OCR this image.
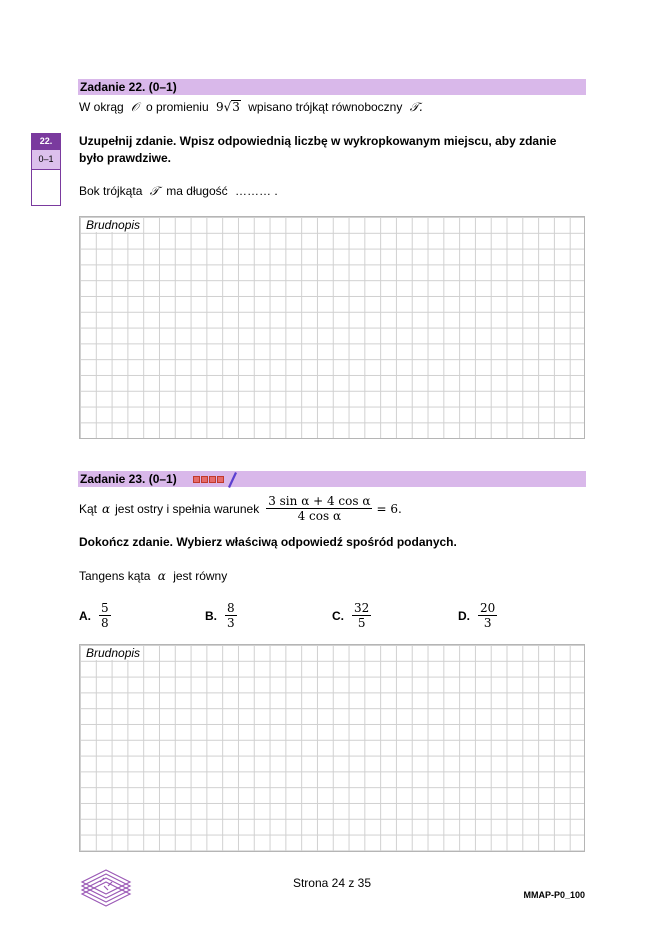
Zadanie 22. (0–1)
W okrąg 𝒪 o promieniu 9√3 wpisano trójkąt równoboczny 𝒯.
22.
0–1
Uzupełnij zdanie. Wpisz odpowiednią liczbę w wykropkowanym miejscu, aby zdanie
było prawdziwe.
Bok trójkąta 𝒯 ma długość ……… .
Brudnopis
Zadanie 23. (0–1)
Kąt α jest ostry i spełnia warunek $\frac{\text{3 sin α + 4 cos α}}{\text{4 cos α}} = 6$.
Dokończ zdanie. Wybierz właściwą odpowiedź spośród podanych.
Tangens kąta α jest równy
A. $\frac{5}{8}$	B. $\frac{8}{3}$	C. $\frac{32}{5}$	D. $\frac{20}{3}$
Brudnopis
Strona 24 z 35
MMAP-P0_100
